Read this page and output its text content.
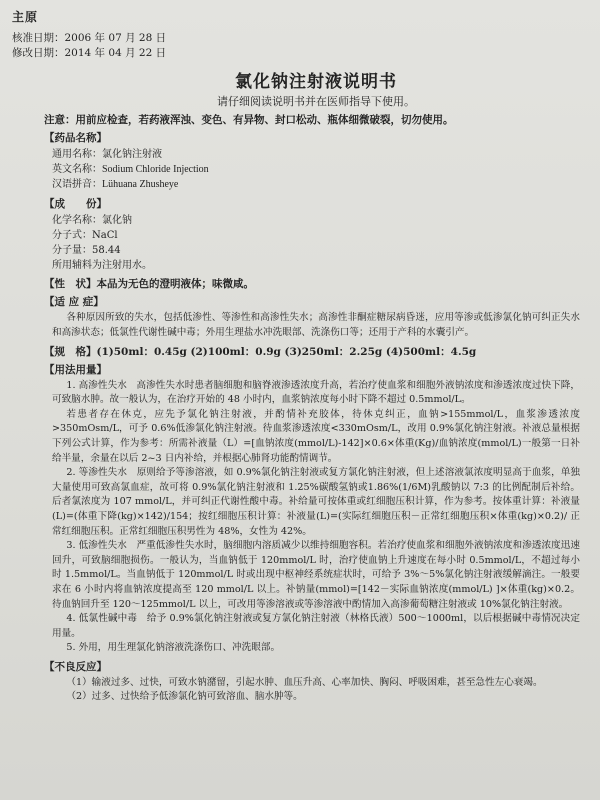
主原
核准日期：2006 年 07 月 28 日
修改日期：2014 年 04 月 22 日
氯化钠注射液说明书
请仔细阅读说明书并在医师指导下使用。
注意：用前应检查，若药液浑浊、变色、有异物、封口松动、瓶体细微破裂，切勿使用。
【药品名称】
通用名称：氯化钠注射液
英文名称：Sodium Chloride Injection
汉语拼音：Lühuana Zhusheye
【成　　份】
化学名称：氯化钠
分子式：NaCl
分子量：58.44
所用辅料为注射用水。
【性　状】本品为无色的澄明液体；味微咸。
【适 应 症】

各种原因所致的失水，包括低渗性、等渗性和高渗性失水；高渗性非酮症糖尿病昏迷，应用等渗或低渗氯化钠可纠正失水和高渗状态；低氯性代谢性碱中毒；外用生理盐水冲洗眼部、洗涤伤口等；还用于产科的水囊引产。

【规　格】(1)50ml：0.45g (2)100ml：0.9g (3)250ml：2.25g (4)500ml：4.5g
【用法用量】

1. 高渗性失水　高渗性失水时患者脑细胞和脑脊液渗透浓度升高，若治疗使血浆和细胞外液钠浓度和渗透浓度过快下降，可致脑水肿。故一般认为，在治疗开始的 48 小时内，血浆钠浓度每小时下降不超过 0.5mmol/L。

若患者存在休克，应先予氯化钠注射液，并酌情补充胶体，待休克纠正，血钠>155mmol/L，血浆渗透浓度>350mOsm/L，可予 0.6%低渗氯化钠注射液。待血浆渗透浓度<330mOsm/L，改用 0.9%氯化钠注射液。补液总量根据下列公式计算，作为参考：所需补液量（L）=[血钠浓度(mmol/L)-142]×0.6×体重(Kg)/血钠浓度(mmol/L)一般第一日补给半量，余量在以后 2~3 日内补给，并根据心肺肾功能酌情调节。

2. 等渗性失水　原则给予等渗溶液，如 0.9%氯化钠注射液或复方氯化钠注射液，但上述溶液氯浓度明显高于血浆，单独大量使用可致高氯血症，故可将 0.9%氯化钠注射液和 1.25%碳酸氢钠或1.86%(1/6M)乳酸钠以 7:3 的比例配制后补给。后者氯浓度为 107 mmol/L，并可纠正代谢性酸中毒。补给量可按体重或红细胞压积计算，作为参考。按体重计算：补液量(L)=(体重下降(kg)×142)/154；按红细胞压积计算：补液量(L)=(实际红细胞压积－正常红细胞压积×体重(kg)×0.2)/ 正常红细胞压积。正常红细胞压积男性为 48%，女性为 42%。

3. 低渗性失水　严重低渗性失水时，脑细胞内溶质减少以维持细胞容积。若治疗使血浆和细胞外液钠浓度和渗透浓度迅速回升，可致脑细胞损伤。一般认为，当血钠低于 120mmol/L 时，治疗使血钠上升速度在每小时 0.5mmol/L，不超过每小时 1.5mmol/L。当血钠低于 120mmol/L 时或出现中枢神经系统症状时，可给予 3%～5%氯化钠注射液缓解滴注。一般要求在 6 小时内将血钠浓度提高至 120 mmol/L 以上。补钠量(mmol)=[142－实际血钠浓度(mmol/L) ]×体重(kg)×0.2。待血钠回升至 120～125mmol/L 以上，可改用等渗溶液或等渗溶液中酌情加入高渗葡萄糖注射液或 10%氯化钠注射液。

4. 低氯性碱中毒　给予 0.9%氯化钠注射液或复方氯化钠注射液（林格氏液）500～1000ml，以后根据碱中毒情况决定用量。

5. 外用，用生理氯化钠溶液洗涤伤口、冲洗眼部。

【不良反应】

（1）输液过多、过快，可致水钠潴留，引起水肿、血压升高、心率加快、胸闷、呼吸困难，甚至急性左心衰竭。

（2）过多、过快给予低渗氯化钠可致溶血、脑水肿等。
